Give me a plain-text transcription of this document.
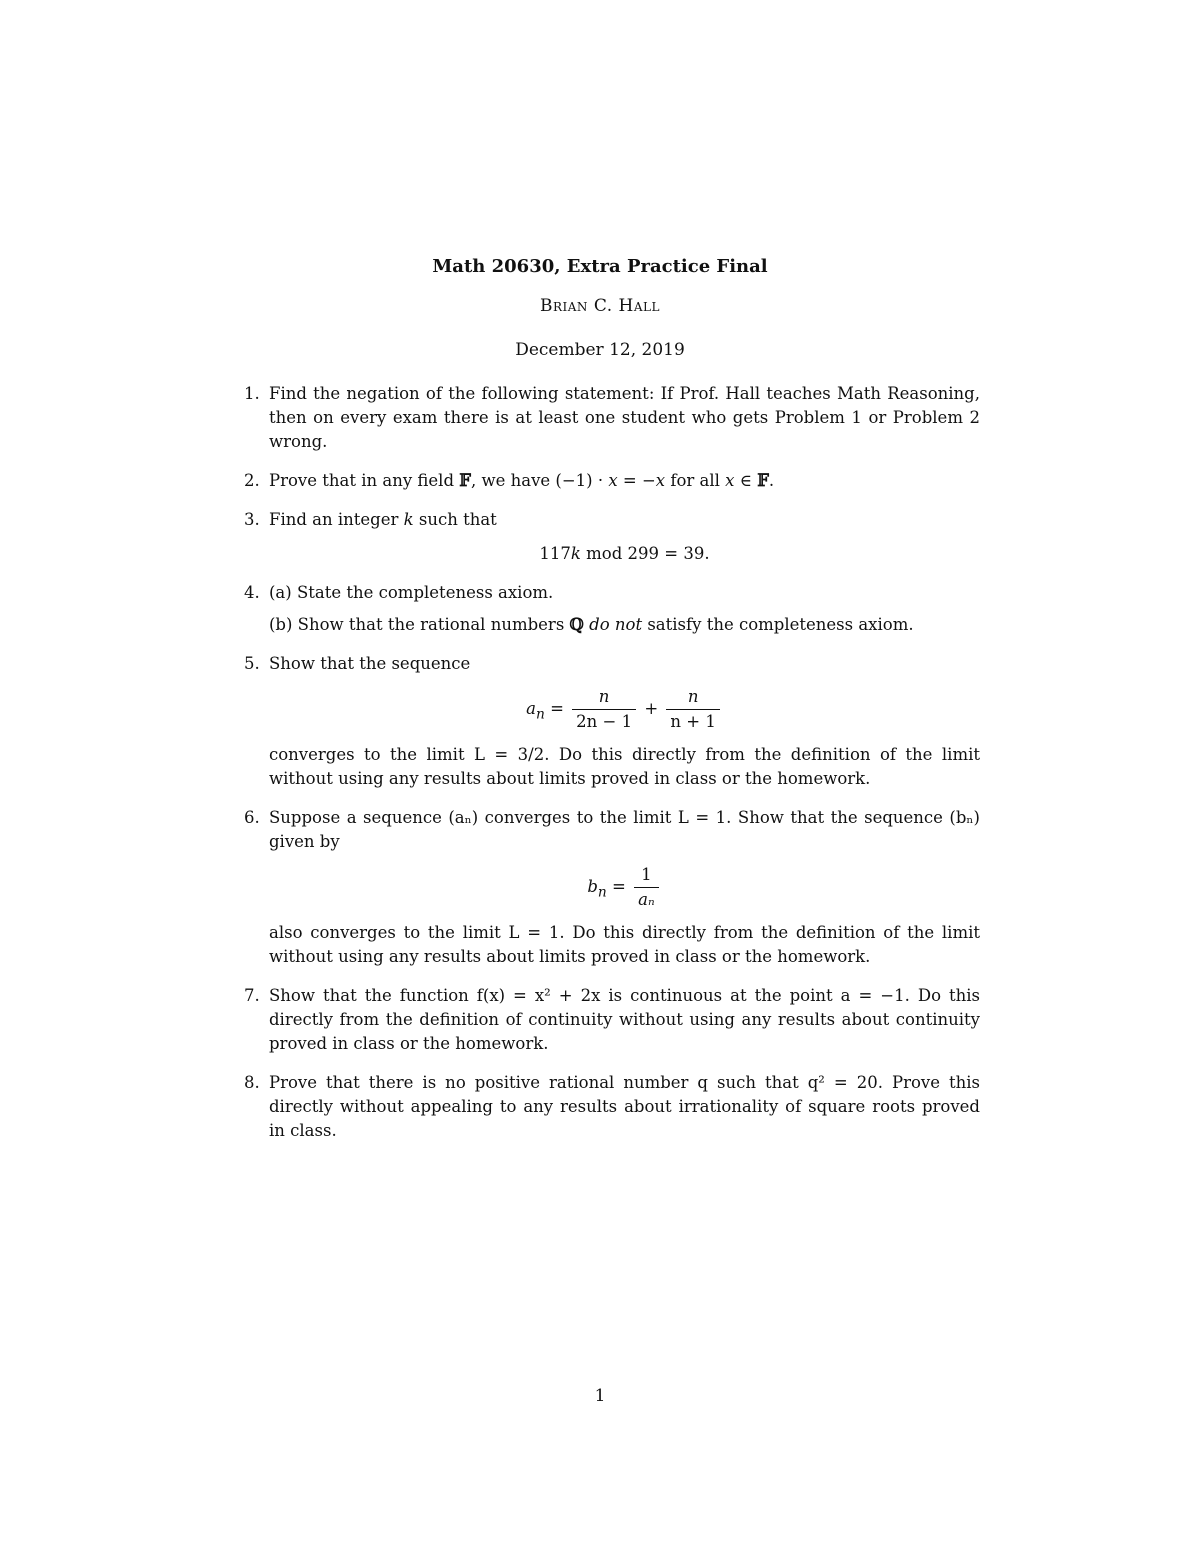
Math 20630, Extra Practice Final
Brian C. Hall
December 12, 2019
1. Find the negation of the following statement: If Prof. Hall teaches Math Reasoning, then on every exam there is at least one student who gets Problem 1 or Problem 2 wrong.
2. Prove that in any field 𝔽, we have (−1) · x = −x for all x ∈ 𝔽.
3. Find an integer k such that
117k mod 299 = 39.
4. (a) State the completeness axiom.
(b) Show that the rational numbers ℚ do not satisfy the completeness axiom.
5. Show that the sequence
$a_n = \frac{n}{2n - 1} + \frac{n}{n + 1}$
converges to the limit L = 3/2. Do this directly from the definition of the limit without using any results about limits proved in class or the homework.
6. Suppose a sequence (aₙ) converges to the limit L = 1. Show that the sequence (bₙ) given by
$b_n = \frac{1}{\text{aₙ}}$
also converges to the limit L = 1. Do this directly from the definition of the limit without using any results about limits proved in class or the homework.
7. Show that the function f(x) = x² + 2x is continuous at the point a = −1. Do this directly from the definition of continuity without using any results about continuity proved in class or the homework.
8. Prove that there is no positive rational number q such that q² = 20. Prove this directly without appealing to any results about irrationality of square roots proved in class.
1
